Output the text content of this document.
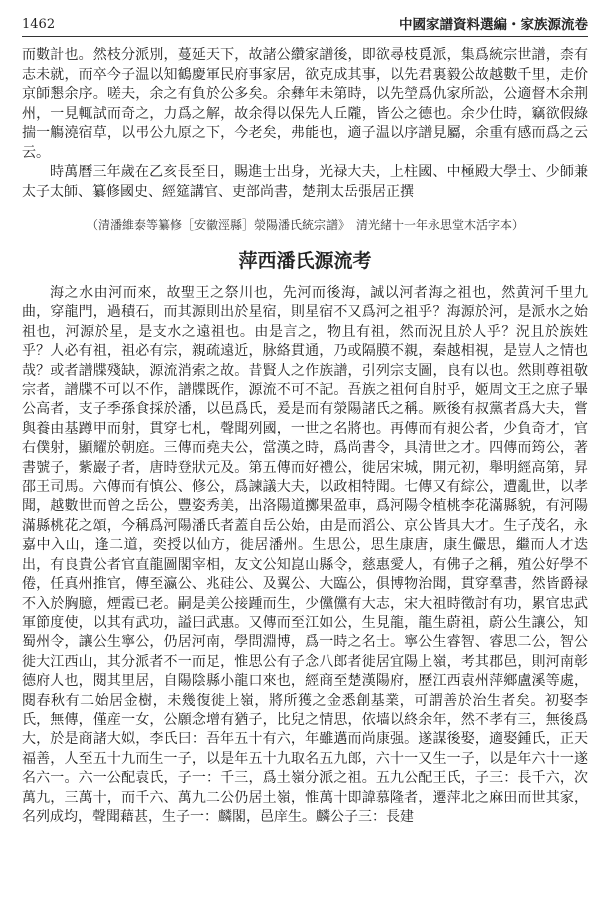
1462	中國家譜資料選編・家族源流卷

而數計也。然枝分派別，蔓延天下，故諸公纘家譜後，即欲尋枝覓派，集爲統宗世譜，柰有志未就，而卒今子温以知鶴慶軍民府事家居，欲克成其事，以先君裏毅公故越數千里，走价京師懇余序。嗟夫，余之有負於公多矣。余彝年未第時，以先塋爲仇家所訟，公適督木余荆州，一見輒試而奇之，力爲之解，故余得以保先人丘隴，皆公之德也。余少仕時，竊欲假綠揣一觴澆宿草，以弔公九原之下，今老矣，弗能也，適子温以序譜見屬，余重有感而爲之云云。

時萬曆三年歲在乙亥長至日，賜進士出身，光禄大夫，上柱國、中極殿大學士、少師兼太子太師、纂修國史、經筵講官、吏部尚書，楚荆太岳張居正撰

（清潘維泰等纂修［安徽涇縣］滎陽潘氏統宗譜》　清光緒十一年永思堂木活字本）
萍西潘氏源流考

海之水由河而來，故聖王之祭川也，先河而後海，誠以河者海之祖也，然黄河千里九曲，穿龍門，過積石，而其源則出於星宿，則星宿不又爲河之祖乎？海源於河，是派水之始祖也，河源於星，是支水之遠祖也。由是言之，物且有祖，然而況且於人乎？況且於族姓乎？人必有祖，祖必有宗，親疏遠近，脉絡貫通，乃或隔膜不親，秦越相視，是豈人之情也哉？或者譜牒殘缺，源流消索之故。昔賢人之作族譜，引列宗支圖，良有以也。然則尊祖敬宗者，譜牒不可以不作，譜牒既作，源流不可不記。吾族之祖何自肘乎，姬周文王之庶子畢公高者，支子季孫食採於潘，以邑爲氏，爰是而有滎陽諸氏之稱。厥後有叔黨者爲大夫，嘗與養由基蹲甲而射，貫穿七札，聲聞列國，一世之名將也。再傳而有昶公者，少負奇才，官右僕射，顯耀於朝庭。三傳而堯夫公，當漢之時，爲尚書令，具清世之才。四傳而筠公，著書號子，紫巖子者，唐時登狀元及。第五傳而好禮公，徙居宋城，開元初，舉明經高第，昇邵王司馬。六傳而有慎公、修公，爲諫議大夫，以政相特聞。七傳又有綜公，遭亂世，以孝聞，越數世而曾之岳公，豐姿秀美，出洛陽道擲果盈車，爲河陽令植桃李花滿縣貌，有河陽滿縣桃花之頌，今稱爲河陽潘氏者蓋自岳公始，由是而滔公、京公皆具大才。生子茂名，永嘉中入山，逢二道，奕授以仙方，徙居潘州。生思公，思生康唐，康生儼思，繼而人才迭出，有良貴公者官直龍圖閣宰相，友文公知崑山縣令，慈惠愛人，有佛子之稱，殖公好學不倦，任真州推官，傳至瀛公、兆硅公、及翼公、大臨公，俱博物治聞，貫穿羣書，然皆爵禄不入於胸臆，煙霞已老。嗣是美公接踵而生，少儻儻有大志，宋大祖時徵討有功，累官忠武軍節度使，以其有武功，謚曰武惠。又傳而至江如公，生見龍，龍生蔚祖，蔚公生讓公，知蜀州令，讓公生寧公，仍居河南，學問淵博，爲一時之名士。寧公生睿智、睿思二公，智公徙大江西山，其分派者不一而足，惟思公有子念八郎者徙居宜陽上嶺，考其郡邑，則河南彰德府人也，閱其里居，自陽陰縣小龍口來也，經商至楚漢陽府，歷江西袁州萍鄉盧溪等處，閱春秋有二始居金樹，未幾復徙上嶺，將所獲之金悉創基業，可謂善於治生者矣。初娶李氏，無傳，僅産一女，公願念增有猶子，比兒之情思，依墙以終余年，然不孝有三，無後爲大，於是商諸大姒，李氏曰：吾年五十有六，年雖邁而尚康强。遂謀後娶，適娶鍾氏，正天福善，人至五十九而生一子，以是年五十九取名五九郎，六十一又生一子，以是年六十一遂名六一。六一公配袁氏，子一：千三，爲土嶺分派之祖。五九公配王氏，子三：長千六，次萬九，三萬十，而千六、萬九二公仍居土嶺，惟萬十即諱慕隆者，遷萍北之麻田而世其家，名列成均，聲聞藉甚，生子一：麟閣，邑庠生。麟公子三：長建
